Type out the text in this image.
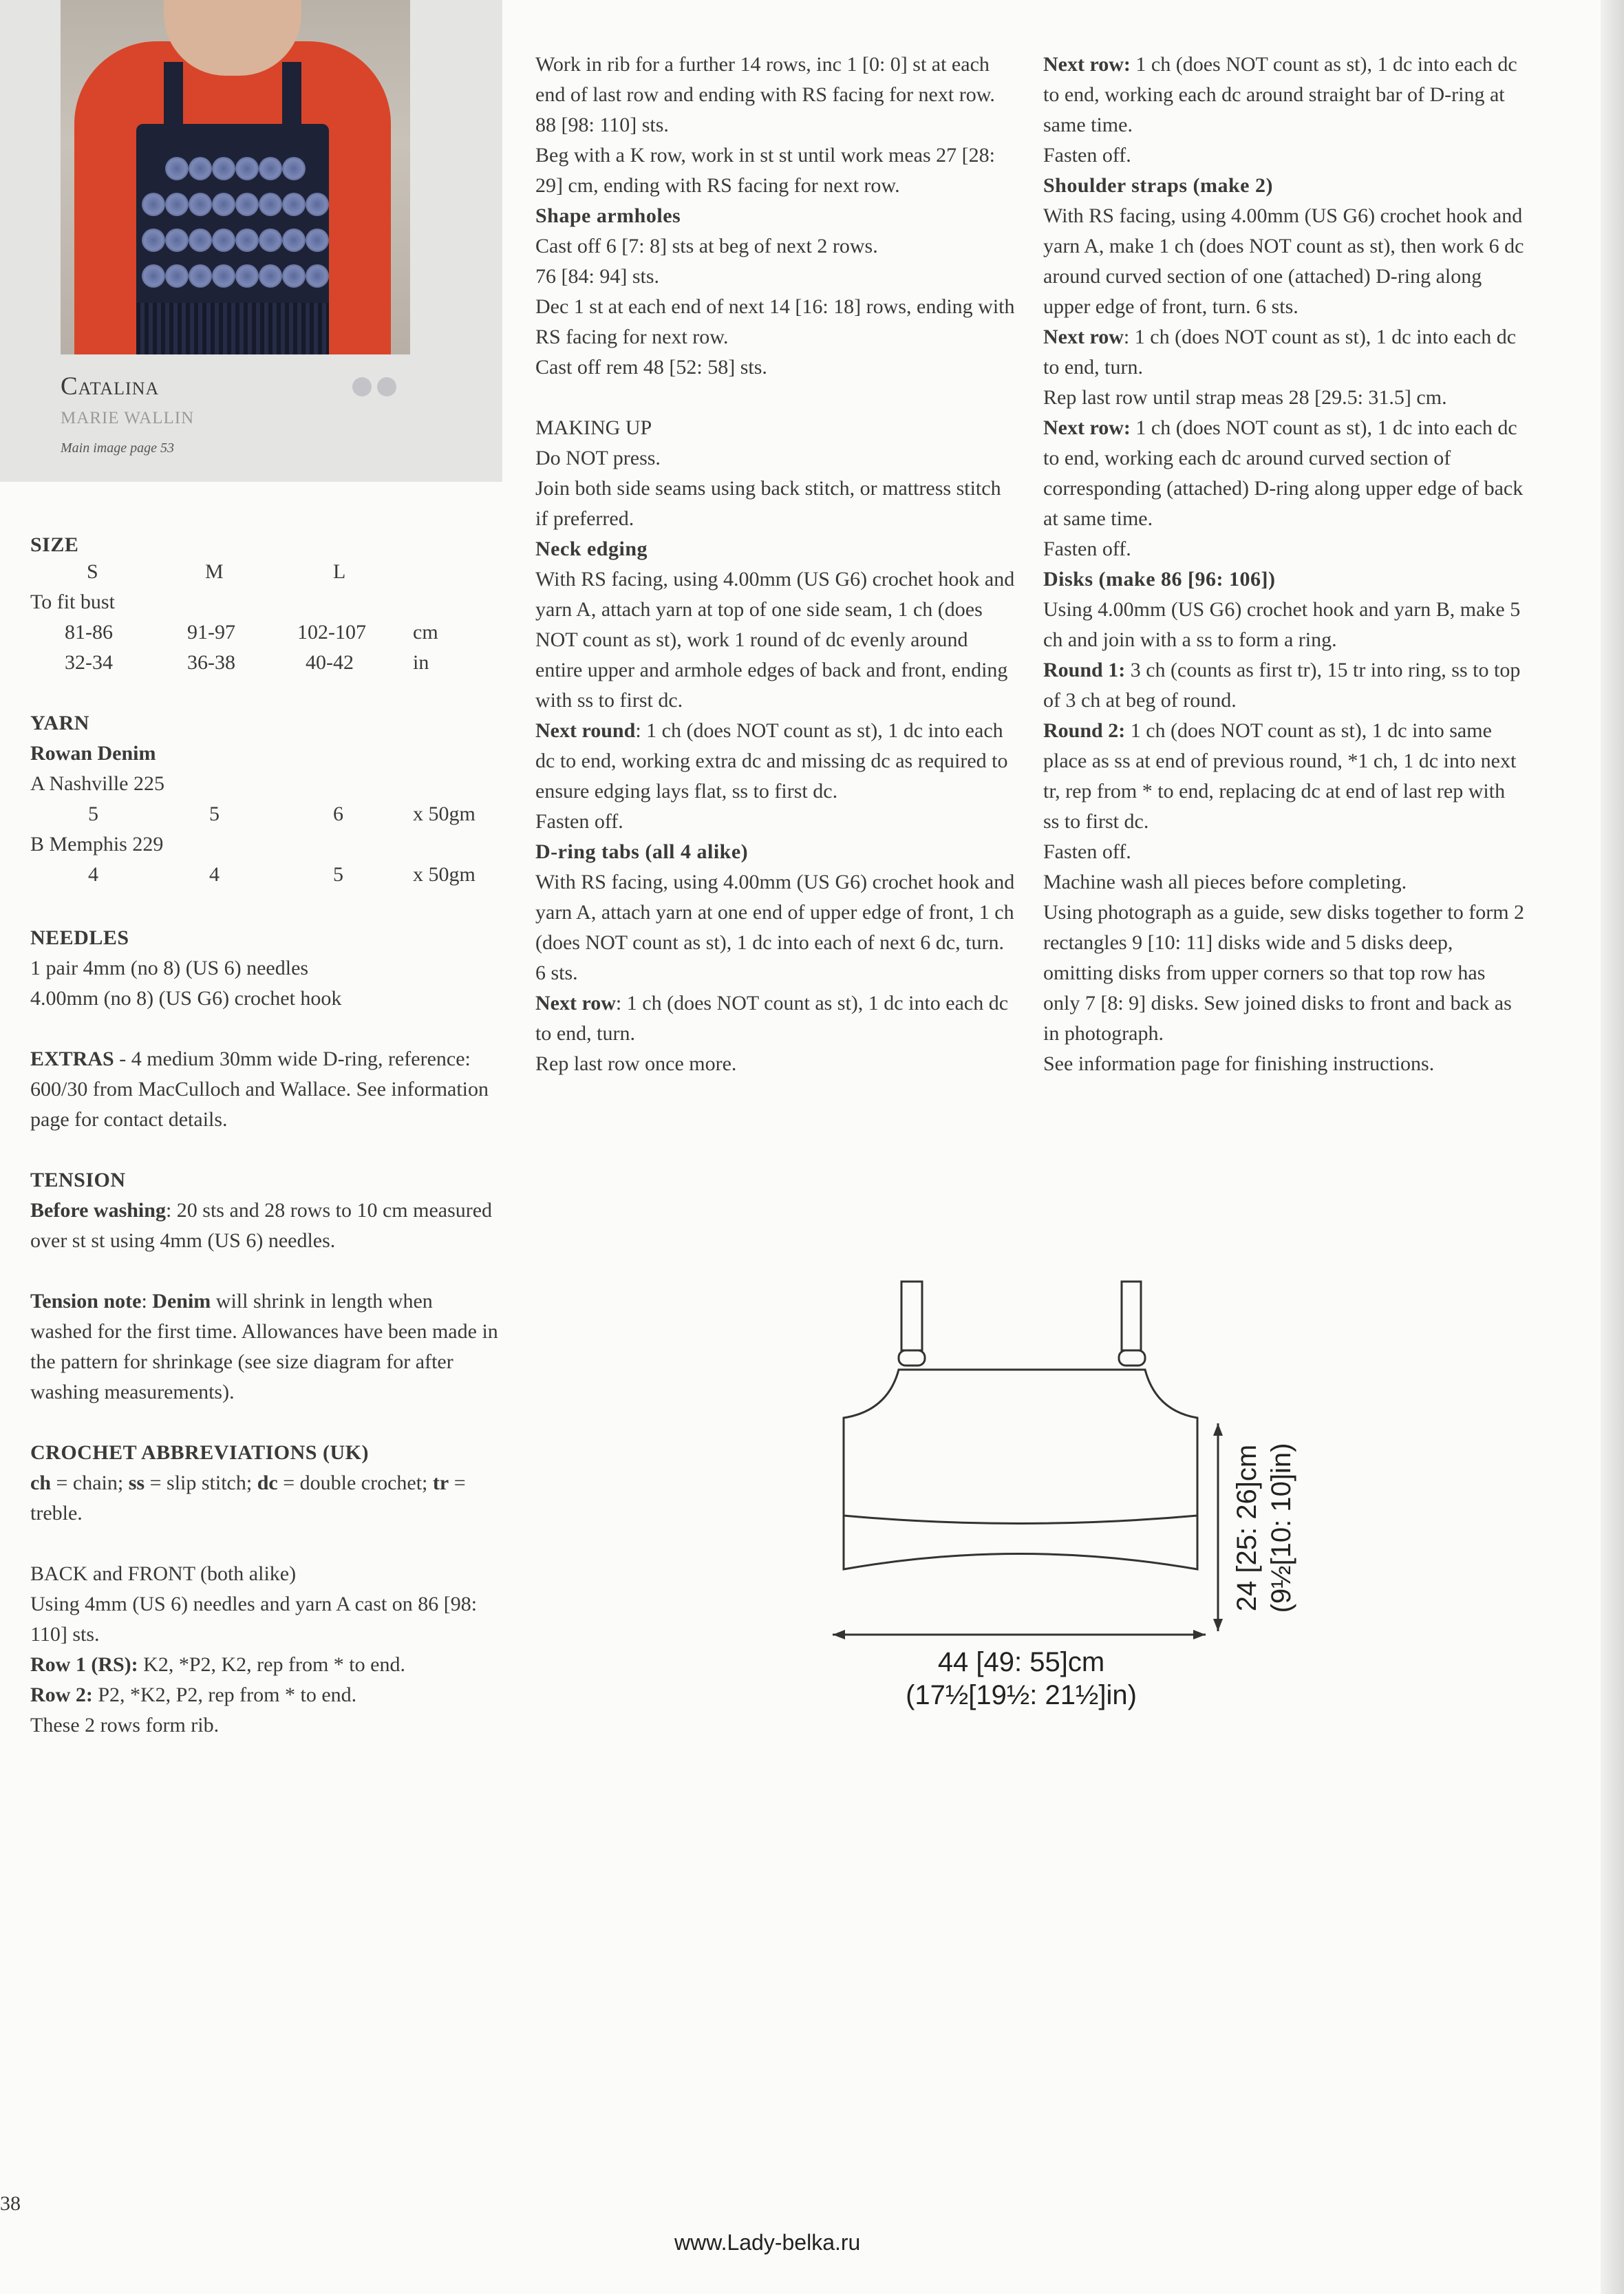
Catalina
MARIE WALLIN
Main image page 53

SIZE

S	M	L
To fit bust
81-86	91-97	102-107 cm
32-34	36-38	40-42	in
YARN
Rowan Denim
A Nashville 225
5	5	6	x 50gm
B Memphis 229
4	4	5	x 50gm

NEEDLES

1 pair 4mm (no 8) (US 6) needles

4.00mm (no 8) (US G6) crochet hook

EXTRAS - 4 medium 30mm wide D-ring, reference: 600/30 from MacCulloch and Wallace. See information page for contact details.

TENSION

Before washing: 20 sts and 28 rows to 10 cm measured over st st using 4mm (US 6) needles.

Tension note: Denim will shrink in length when washed for the first time. Allowances have been made in the pattern for shrinkage (see size diagram for after washing measurements).

CROCHET ABBREVIATIONS (UK)

ch = chain; ss = slip stitch; dc = double crochet; tr = treble.

BACK and FRONT (both alike)

Using 4mm (US 6) needles and yarn A cast on 86 [98: 110] sts.

Row 1 (RS): K2, *P2, K2, rep from * to end.

Row 2: P2, *K2, P2, rep from * to end.

These 2 rows form rib.

Work in rib for a further 14 rows, inc 1 [0: 0] st at each end of last row and ending with RS facing for next row. 88 [98: 110] sts.

Beg with a K row, work in st st until work meas 27 [28: 29] cm, ending with RS facing for next row.

Shape armholes

Cast off 6 [7: 8] sts at beg of next 2 rows.

76 [84: 94] sts.

Dec 1 st at each end of next 14 [16: 18] rows, ending with RS facing for next row.

Cast off rem 48 [52: 58] sts.

MAKING UP

Do NOT press.

Join both side seams using back stitch, or mattress stitch if preferred.

Neck edging

With RS facing, using 4.00mm (US G6) crochet hook and yarn A, attach yarn at top of one side seam, 1 ch (does NOT count as st), work 1 round of dc evenly around entire upper and armhole edges of back and front, ending with ss to first dc.

Next round: 1 ch (does NOT count as st), 1 dc into each dc to end, working extra dc and missing dc as required to ensure edging lays flat, ss to first dc.

Fasten off.

D-ring tabs (all 4 alike)

With RS facing, using 4.00mm (US G6) crochet hook and yarn A, attach yarn at one end of upper edge of front, 1 ch (does NOT count as st), 1 dc into each of next 6 dc, turn. 6 sts.

Next row: 1 ch (does NOT count as st), 1 dc into each dc to end, turn.

Rep last row once more.

Next row: 1 ch (does NOT count as st), 1 dc into each dc to end, working each dc around straight bar of D-ring at same time.

Fasten off.

Shoulder straps (make 2)

With RS facing, using 4.00mm (US G6) crochet hook and yarn A, make 1 ch (does NOT count as st), then work 6 dc around curved section of one (attached) D-ring along upper edge of front, turn. 6 sts.

Next row: 1 ch (does NOT count as st), 1 dc into each dc to end, turn.

Rep last row until strap meas 28 [29.5: 31.5] cm.

Next row: 1 ch (does NOT count as st), 1 dc into each dc to end, working each dc around curved section of corresponding (attached) D-ring along upper edge of back at same time.

Fasten off.

Disks (make 86 [96: 106])

Using 4.00mm (US G6) crochet hook and yarn B, make 5 ch and join with a ss to form a ring.

Round 1: 3 ch (counts as first tr), 15 tr into ring, ss to top of 3 ch at beg of round.

Round 2: 1 ch (does NOT count as st), 1 dc into same place as ss at end of previous round, *1 ch, 1 dc into next tr, rep from * to end, replacing dc at end of last rep with ss to first dc.

Fasten off.

Machine wash all pieces before completing.

Using photograph as a guide, sew disks together to form 2 rectangles 9 [10: 11] disks wide and 5 disks deep, omitting disks from upper corners so that top row has only 7 [8: 9] disks. Sew joined disks to front and back as in photograph.

See information page for finishing instructions.

44 [49: 55]cm
(17½[19½: 21½]in)
24 [25: 26]cm (9½[10: 10]in)
38
www.Lady-belka.ru
